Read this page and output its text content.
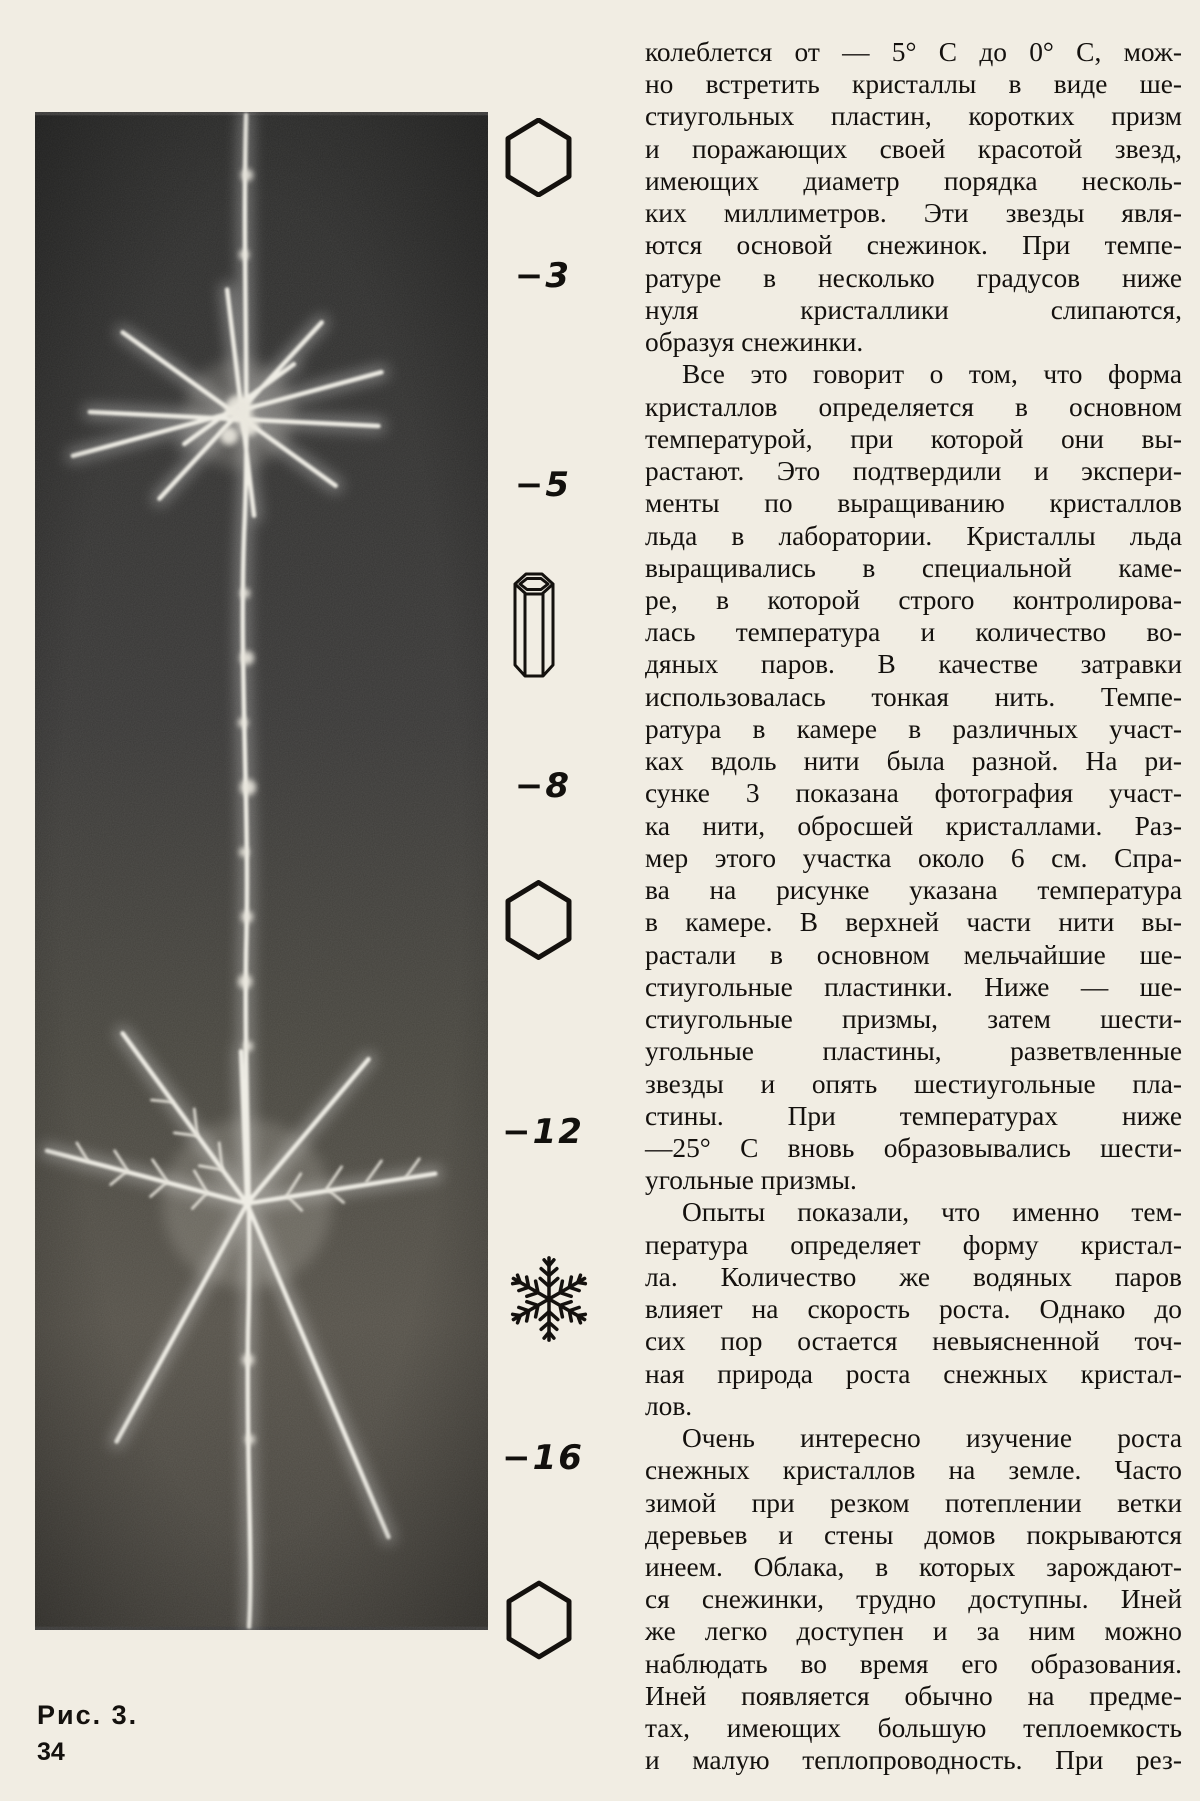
−3
−5
−8
−12
−16
колеблется от — 5° С до 0° С, мож-
но встретить кристаллы в виде ше-
стиугольных пластин, коротких призм
и поражающих своей красотой звезд,
имеющих диаметр порядка несколь-
ких миллиметров. Эти звезды явля-
ются основой снежинок. При темпе-
ратуре в несколько градусов ниже
нуля кристаллики слипаются,
образуя снежинки.
Все это говорит о том, что форма
кристаллов определяется в основном
температурой, при которой они вы-
растают. Это подтвердили и экспери-
менты по выращиванию кристаллов
льда в лаборатории. Кристаллы льда
выращивались в специальной каме-
ре, в которой строго контролирова-
лась температура и количество во-
дяных паров. В качестве затравки
использовалась тонкая нить. Темпе-
ратура в камере в различных участ-
ках вдоль нити была разной. На ри-
сунке 3 показана фотография участ-
ка нити, обросшей кристаллами. Раз-
мер этого участка около 6 см. Спра-
ва на рисунке указана температура
в камере. В верхней части нити вы-
растали в основном мельчайшие ше-
стиугольные пластинки. Ниже — ше-
стиугольные призмы, затем шести-
угольные пластины, разветвленные
звезды и опять шестиугольные пла-
стины. При температурах ниже
—25° С вновь образовывались шести-
угольные призмы.
Опыты показали, что именно тем-
пература определяет форму кристал-
ла. Количество же водяных паров
влияет на скорость роста. Однако до
сих пор остается невыясненной точ-
ная природа роста снежных кристал-
лов.
Очень интересно изучение роста
снежных кристаллов на земле. Часто
зимой при резком потеплении ветки
деревьев и стены домов покрываются
инеем. Облака, в которых зарождают-
ся снежинки, трудно доступны. Иней
же легко доступен и за ним можно
наблюдать во время его образования.
Иней появляется обычно на предме-
тах, имеющих большую теплоемкость
и малую теплопроводность. При рез-
Рис. 3.
34
